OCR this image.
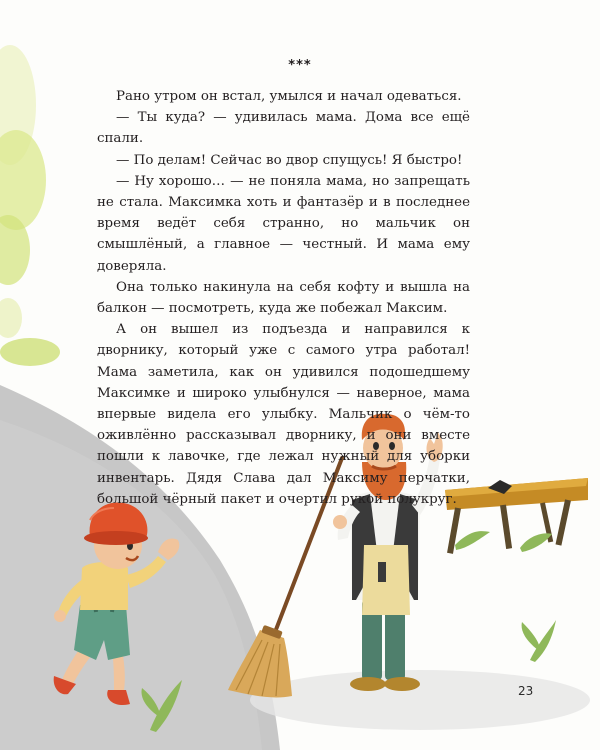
***

Рано утром он встал, умылся и начал одеваться.

— Ты куда? — удивилась мама. Дома все ещё спали.

— По делам! Сейчас во двор спущусь! Я быстро!

— Ну хорошо… — не поняла мама, но запрещать не стала. Максимка хоть и фантазёр и в последнее время ведёт себя странно, но мальчик он смышлёный, а главное — честный. И мама ему доверяла.

Она только накинула на себя кофту и вышла на балкон — посмотреть, куда же побежал Максим.

А он вышел из подъезда и направился к дворнику, который уже с самого утра работал! Мама заметила, как он удивился подошедшему Максимке и широко улыбнулся — наверное, мама впервые видела его улыбку. Мальчик о чём-то оживлённо рассказывал дворнику, и они вместе пошли к лавочке, где лежал нужный для уборки инвентарь. Дядя Слава дал Максиму перчатки, большой чёрный пакет и очертил рукой полукруг.

23
